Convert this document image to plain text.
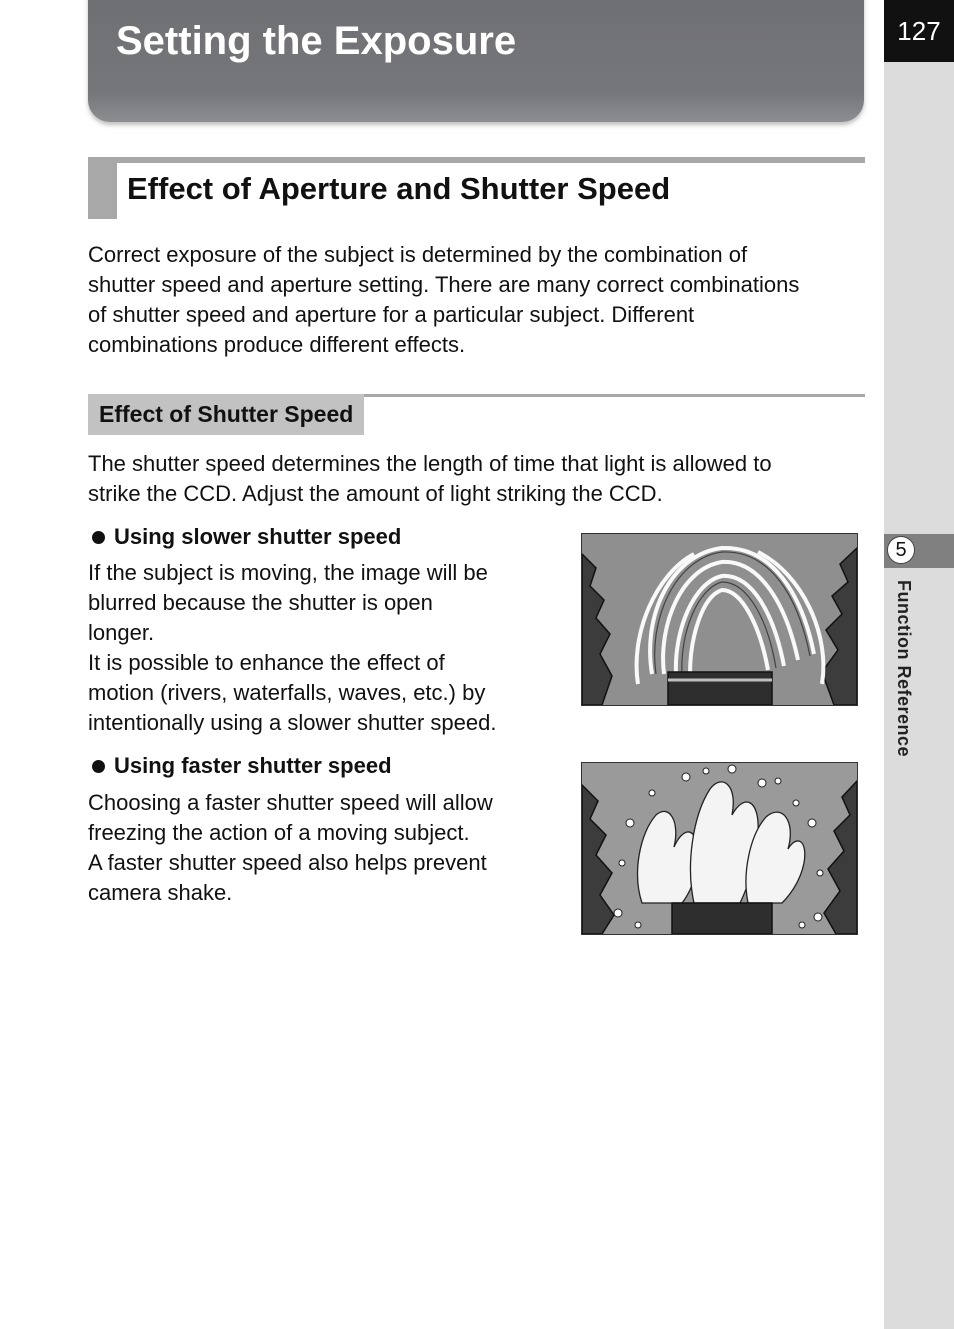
127
5
Function Reference
Setting the Exposure
Effect of Aperture and Shutter Speed

Correct exposure of the subject is determined by the combination of
shutter speed and aperture setting. There are many correct combinations
of shutter speed and aperture for a particular subject. Different
combinations produce different effects.

Effect of Shutter Speed

The shutter speed determines the length of time that light is allowed to
strike the CCD. Adjust the amount of light striking the CCD.

Using slower shutter speed

If the subject is moving, the image will be
blurred because the shutter is open
longer.
It is possible to enhance the effect of
motion (rivers, waterfalls, waves, etc.) by
intentionally using a slower shutter speed.

Using faster shutter speed

Choosing a faster shutter speed will allow
freezing the action of a moving subject.
A faster shutter speed also helps prevent
camera shake.
